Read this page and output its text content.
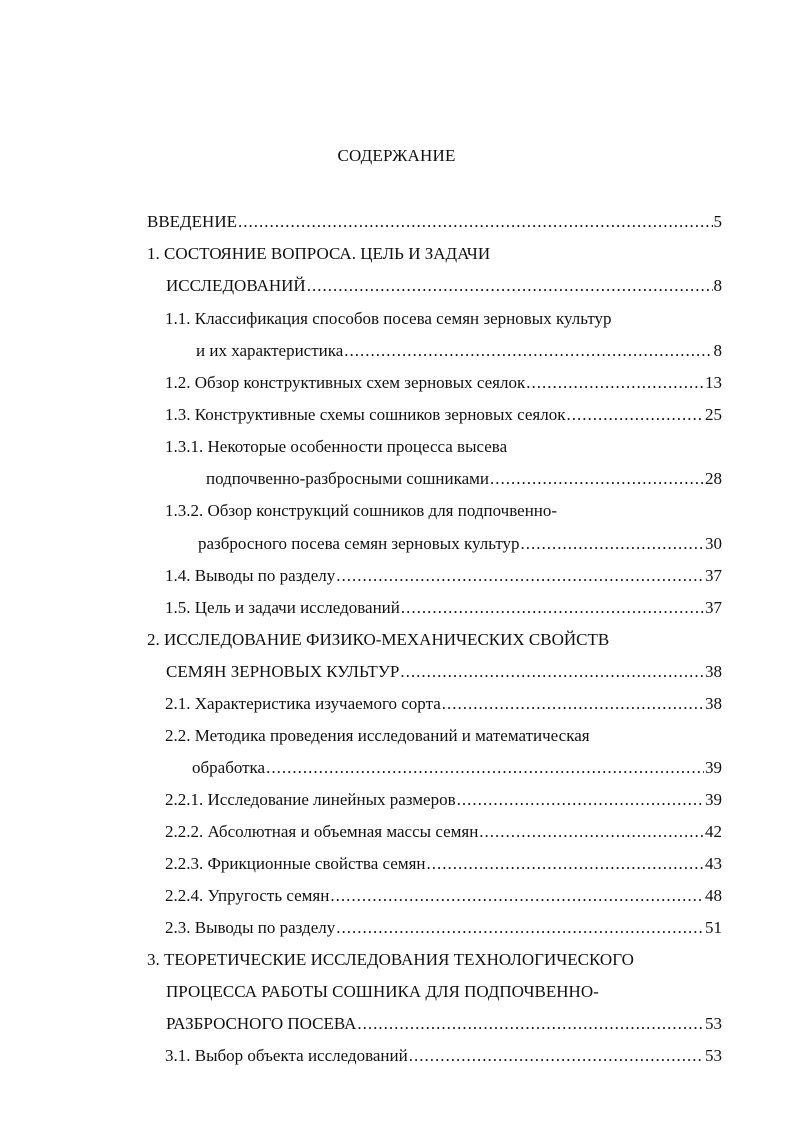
СОДЕРЖАНИЕ
ВВЕДЕНИЕ .....	5
1. СОСТОЯНИЕ ВОПРОСА. ЦЕЛЬ И ЗАДАЧИ
ИССЛЕДОВАНИЙ .....	8
1.1. Классификация способов посева семян зерновых культур
и их характеристика .....	8
1.2. Обзор конструктивных схем зерновых сеялок .....	13
1.3. Конструктивные схемы сошников зерновых сеялок .....	25
1.3.1. Некоторые особенности процесса высева
подпочвенно-разбросными сошниками .....	28
1.3.2. Обзор конструкций сошников для подпочвенно-
разбросного посева семян зерновых культур .....	30
1.4. Выводы по разделу .....	37
1.5. Цель и задачи исследований .....	37
2. ИССЛЕДОВАНИЕ ФИЗИКО-МЕХАНИЧЕСКИХ СВОЙСТВ
СЕМЯН ЗЕРНОВЫХ КУЛЬТУР .....	38
2.1. Характеристика изучаемого сорта .....	38
2.2. Методика проведения исследований и математическая
обработка .....	39
2.2.1. Исследование линейных размеров .....	39
2.2.2. Абсолютная и объемная массы семян .....	42
2.2.3. Фрикционные свойства семян .....	43
2.2.4. Упругость семян .....	48
2.3. Выводы по разделу .....	51
3. ТЕОРЕТИЧЕСКИЕ ИССЛЕДОВАНИЯ ТЕХНОЛОГИЧЕСКОГО
ПРОЦЕССА РАБОТЫ СОШНИКА ДЛЯ ПОДПОЧВЕННО-
РАЗБРОСНОГО ПОСЕВА .....	53
3.1. Выбор объекта исследований .....	53
